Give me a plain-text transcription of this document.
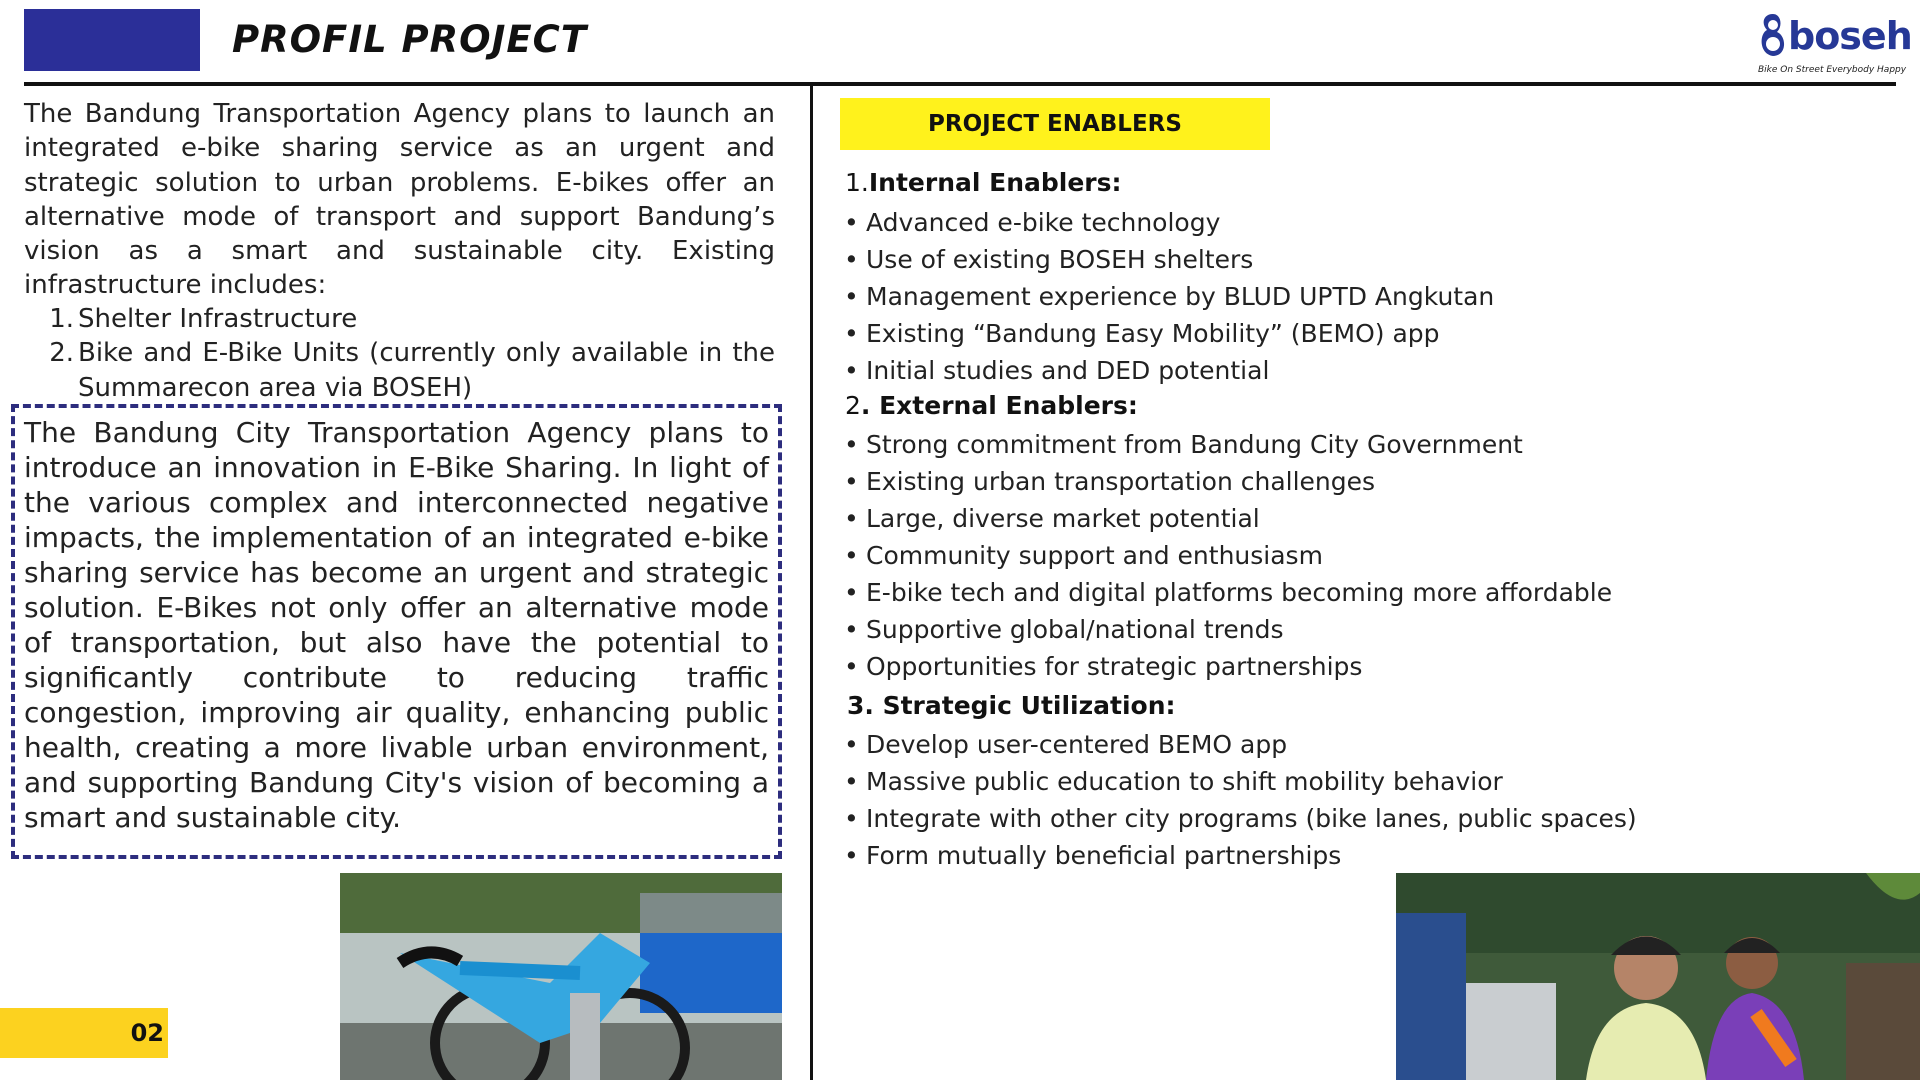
PROFIL PROJECT	boseh
Bike On Street Everybody Happy

The Bandung Transportation Agency plans to launch an integrated e-bike sharing service as an urgent and strategic solution to urban problems. E-bikes offer an alternative mode of transport and support Bandung’s vision as a smart and sustainable city. Existing infrastructure includes:

1. Shelter Infrastructure
2. Bike and E-Bike Units (currently only available in the Summarecon area via BOSEH)

The Bandung City Transportation Agency plans to introduce an innovation in E-Bike Sharing. In light of the various complex and interconnected negative impacts, the implementation of an integrated e-bike sharing service has become an urgent and strategic solution. E-Bikes not only offer an alternative mode of transportation, but also have the potential to significantly contribute to reducing traffic congestion, improving air quality, enhancing public health, creating a more livable urban environment, and supporting Bandung City's vision of becoming a smart and sustainable city.

02
PROJECT ENABLERS
1.Internal Enablers:
• Advanced e-bike technology
• Use of existing BOSEH shelters
• Management experience by BLUD UPTD Angkutan
• Existing “Bandung Easy Mobility” (BEMO) app
• Initial studies and DED potential
2. External Enablers:
• Strong commitment from Bandung City Government
• Existing urban transportation challenges
• Large, diverse market potential
• Community support and enthusiasm
• E-bike tech and digital platforms becoming more affordable
• Supportive global/national trends
• Opportunities for strategic partnerships
3. Strategic Utilization:
• Develop user-centered BEMO app
• Massive public education to shift mobility behavior
• Integrate with other city programs (bike lanes, public spaces)
• Form mutually beneficial partnerships
